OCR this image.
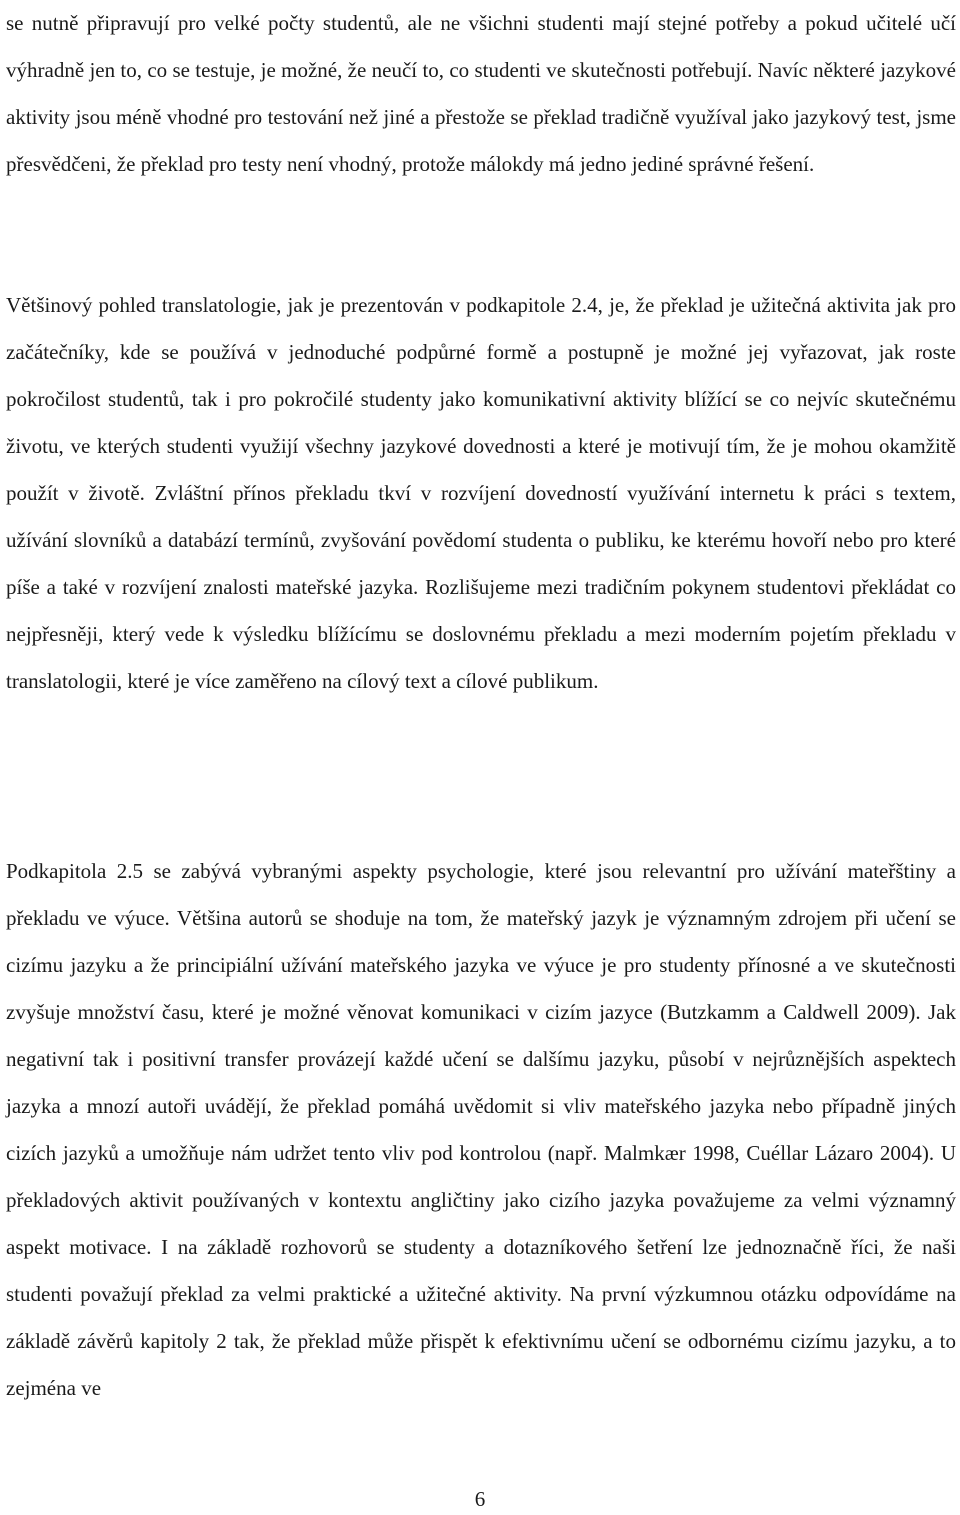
se nutně připravují pro velké počty studentů, ale ne všichni studenti mají stejné potřeby a pokud učitelé učí výhradně jen to, co se testuje, je možné, že neučí to, co studenti ve skutečnosti potřebují. Navíc některé jazykové aktivity jsou méně vhodné pro testování než jiné a přestože se překlad tradičně využíval jako jazykový test, jsme přesvědčeni, že překlad pro testy není vhodný, protože málokdy má jedno jediné správné řešení.

Většinový pohled translatologie, jak je prezentován v podkapitole 2.4, je, že překlad je užitečná aktivita jak pro začátečníky, kde se používá v jednoduché podpůrné formě a postupně je možné jej vyřazovat, jak roste pokročilost studentů, tak i pro pokročilé studenty jako komunikativní aktivity blížící se co nejvíc skutečnému životu, ve kterých studenti využijí všechny jazykové dovednosti a které je motivují tím, že je mohou okamžitě použít v životě. Zvláštní přínos překladu tkví v rozvíjení dovedností využívání internetu k práci s textem, užívání slovníků a databází termínů, zvyšování povědomí studenta o publiku, ke kterému hovoří nebo pro které píše a také v rozvíjení znalosti mateřské jazyka. Rozlišujeme mezi tradičním pokynem studentovi překládat co nejpřesněji, který vede k výsledku blížícímu se doslovnému překladu a mezi moderním pojetím překladu v translatologii, které je více zaměřeno na cílový text a cílové publikum.

Podkapitola 2.5 se zabývá vybranými aspekty psychologie, které jsou relevantní pro užívání mateřštiny a překladu ve výuce. Většina autorů se shoduje na tom, že mateřský jazyk je významným zdrojem při učení se cizímu jazyku a že principiální užívání mateřského jazyka ve výuce je pro studenty přínosné a ve skutečnosti zvyšuje množství času, které je možné věnovat komunikaci v cizím jazyce (Butzkamm a Caldwell 2009). Jak negativní tak i positivní transfer provázejí každé učení se dalšímu jazyku, působí v nejrůznějších aspektech jazyka a mnozí autoři uvádějí, že překlad pomáhá uvědomit si vliv mateřského jazyka nebo případně jiných cizích jazyků a umožňuje nám udržet tento vliv pod kontrolou (např. Malmkær 1998, Cuéllar Lázaro 2004). U překladových aktivit používaných v kontextu angličtiny jako cizího jazyka považujeme za velmi významný aspekt motivace. I na základě rozhovorů se studenty a dotazníkového šetření lze jednoznačně říci, že naši studenti považují překlad za velmi praktické a užitečné aktivity. Na první výzkumnou otázku odpovídáme na základě závěrů kapitoly 2 tak, že překlad může přispět k efektivnímu učení se odbornému cizímu jazyku, a to zejména ve

6
